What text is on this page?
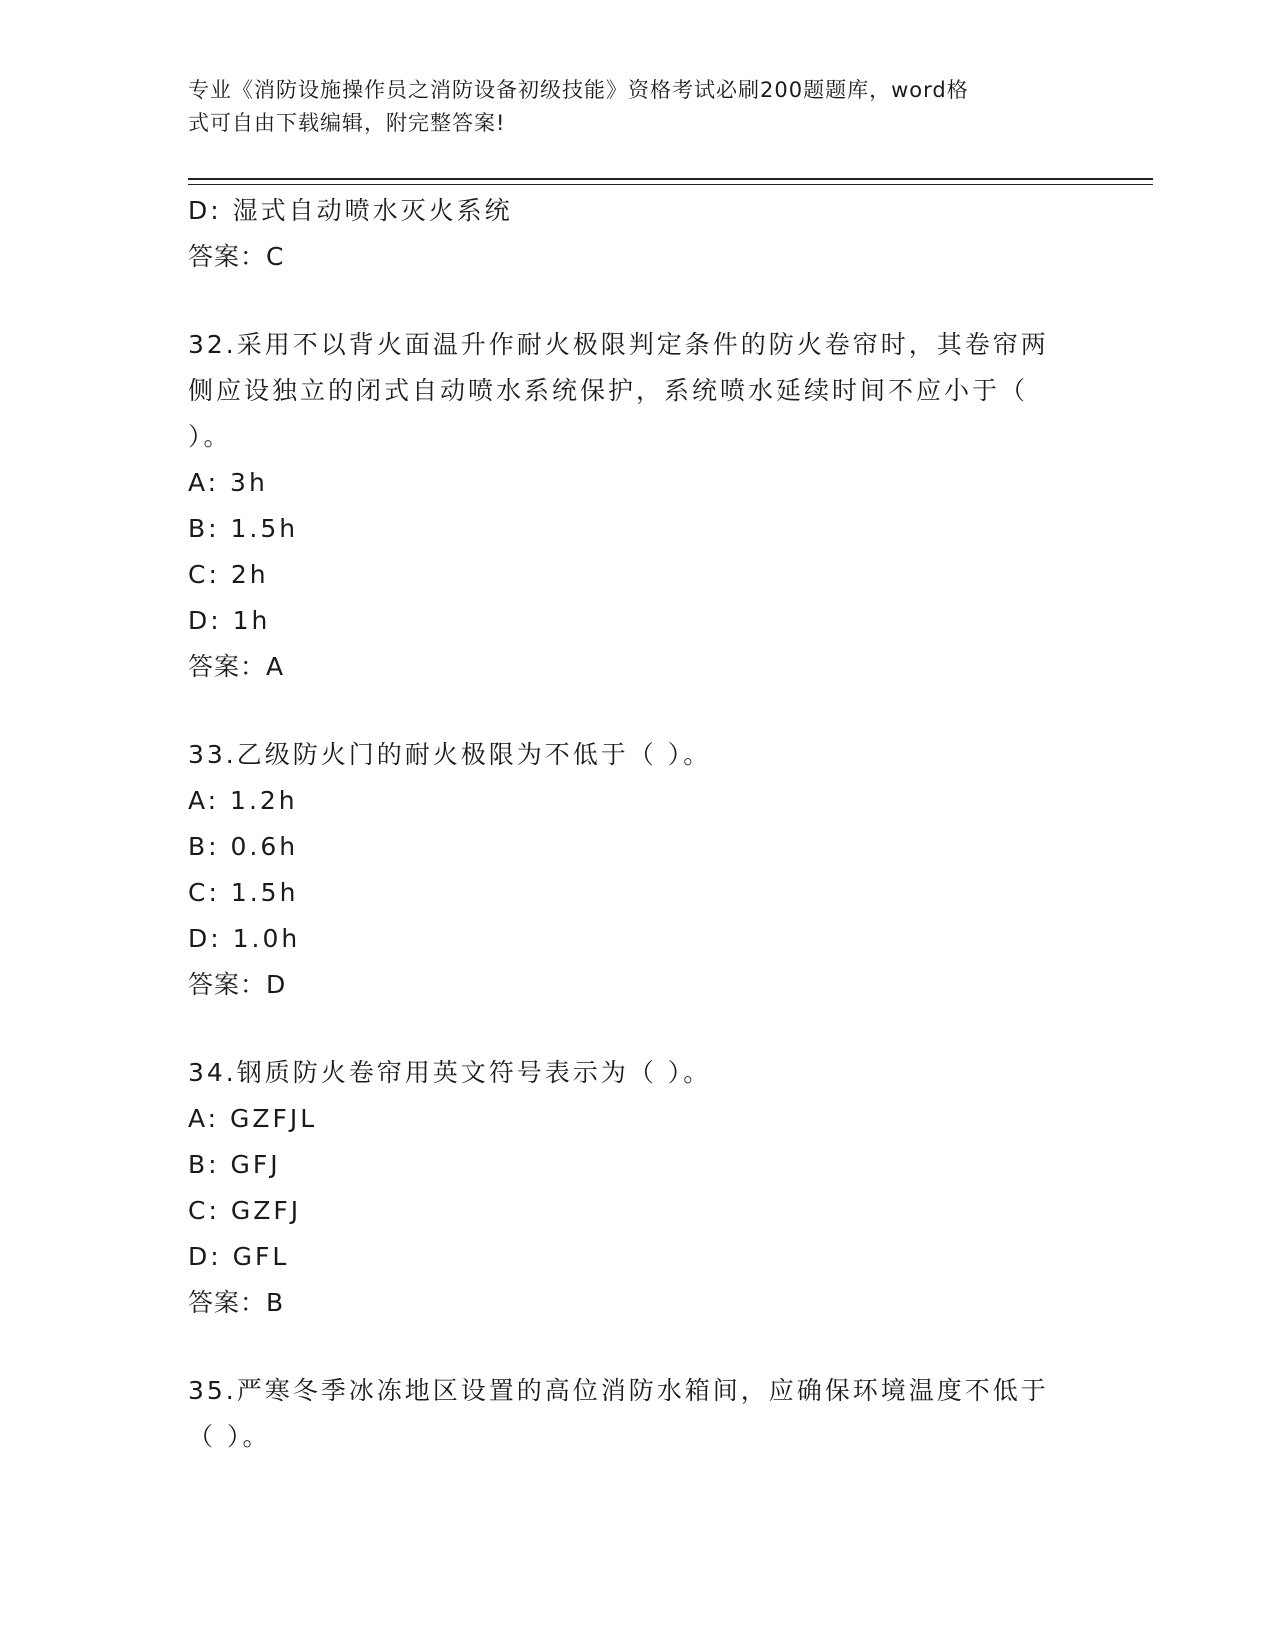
专业《消防设施操作员之消防设备初级技能》资格考试必刷200题题库，word格
式可自由下载编辑，附完整答案!
D: 湿式自动喷水灭火系统
答案：C
32.采用不以背火面温升作耐火极限判定条件的防火卷帘时，其卷帘两
侧应设独立的闭式自动喷水系统保护，系统喷水延续时间不应小于（
）。
A: 3h
B: 1.5h
C: 2h
D: 1h
答案：A
33.乙级防火门的耐火极限为不低于（ ）。
A: 1.2h
B: 0.6h
C: 1.5h
D: 1.0h
答案：D
34.钢质防火卷帘用英文符号表示为（ ）。
A: GZFJL
B: GFJ
C: GZFJ
D: GFL
答案：B
35.严寒冬季冰冻地区设置的高位消防水箱间，应确保环境温度不低于
（ ）。
